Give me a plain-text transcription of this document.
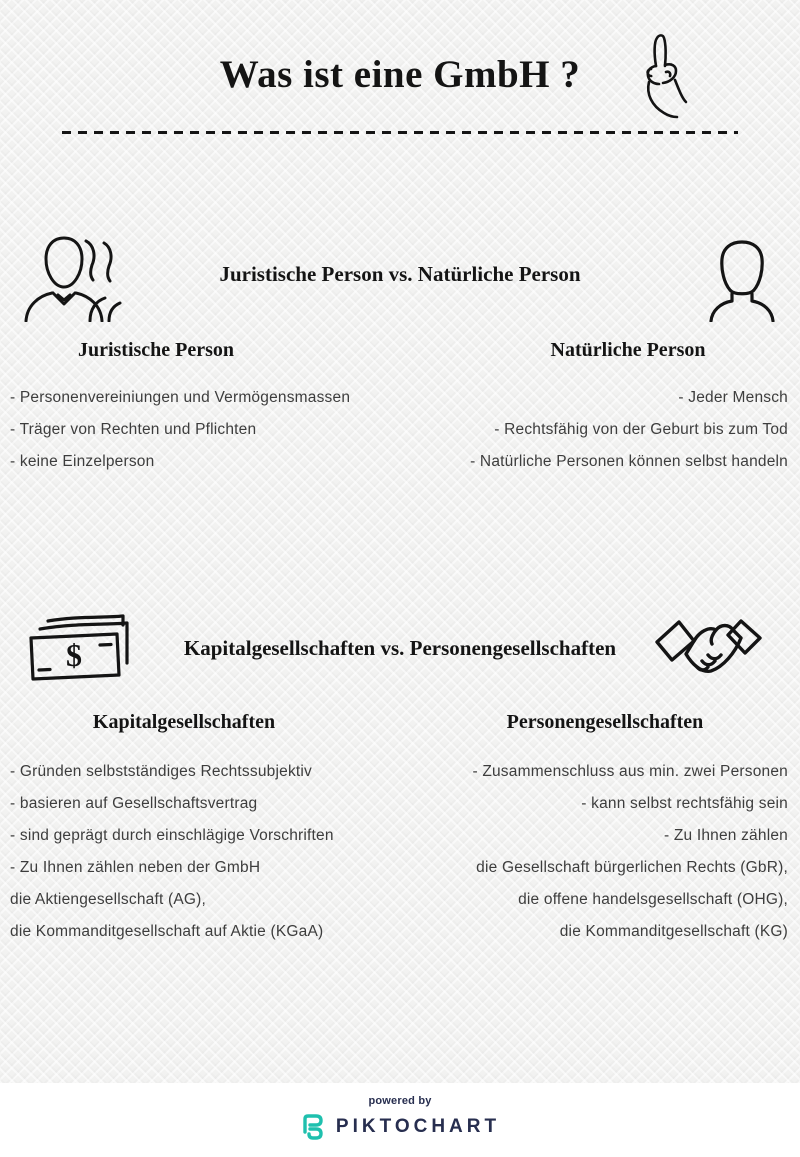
Was ist eine GmbH ?
Juristische Person vs. Natürliche Person
Juristische Person	Natürliche Person
- Personenvereiniungen und Vermögensmassen
- Träger von Rechten und Pflichten
- keine Einzelperson
- Jeder Mensch
- Rechtsfähig von der Geburt bis zum Tod
- Natürliche Personen können selbst handeln
$	Kapitalgesellschaften vs. Personengesellschaften
Kapitalgesellschaften	Personengesellschaften
- Gründen selbstständiges Rechtssubjektiv
- basieren auf Gesellschaftsvertrag
- sind geprägt durch einschlägige Vorschriften
- Zu Ihnen zählen neben der GmbH
die Aktiengesellschaft (AG),
die Kommanditgesellschaft auf Aktie (KGaA)
- Zusammenschluss aus min. zwei Personen
- kann selbst rechtsfähig sein
- Zu Ihnen zählen
die Gesellschaft bürgerlichen Rechts (GbR),
die offene handelsgesellschaft (OHG),
die Kommanditgesellschaft (KG)
powered by
PIKTOCHART
